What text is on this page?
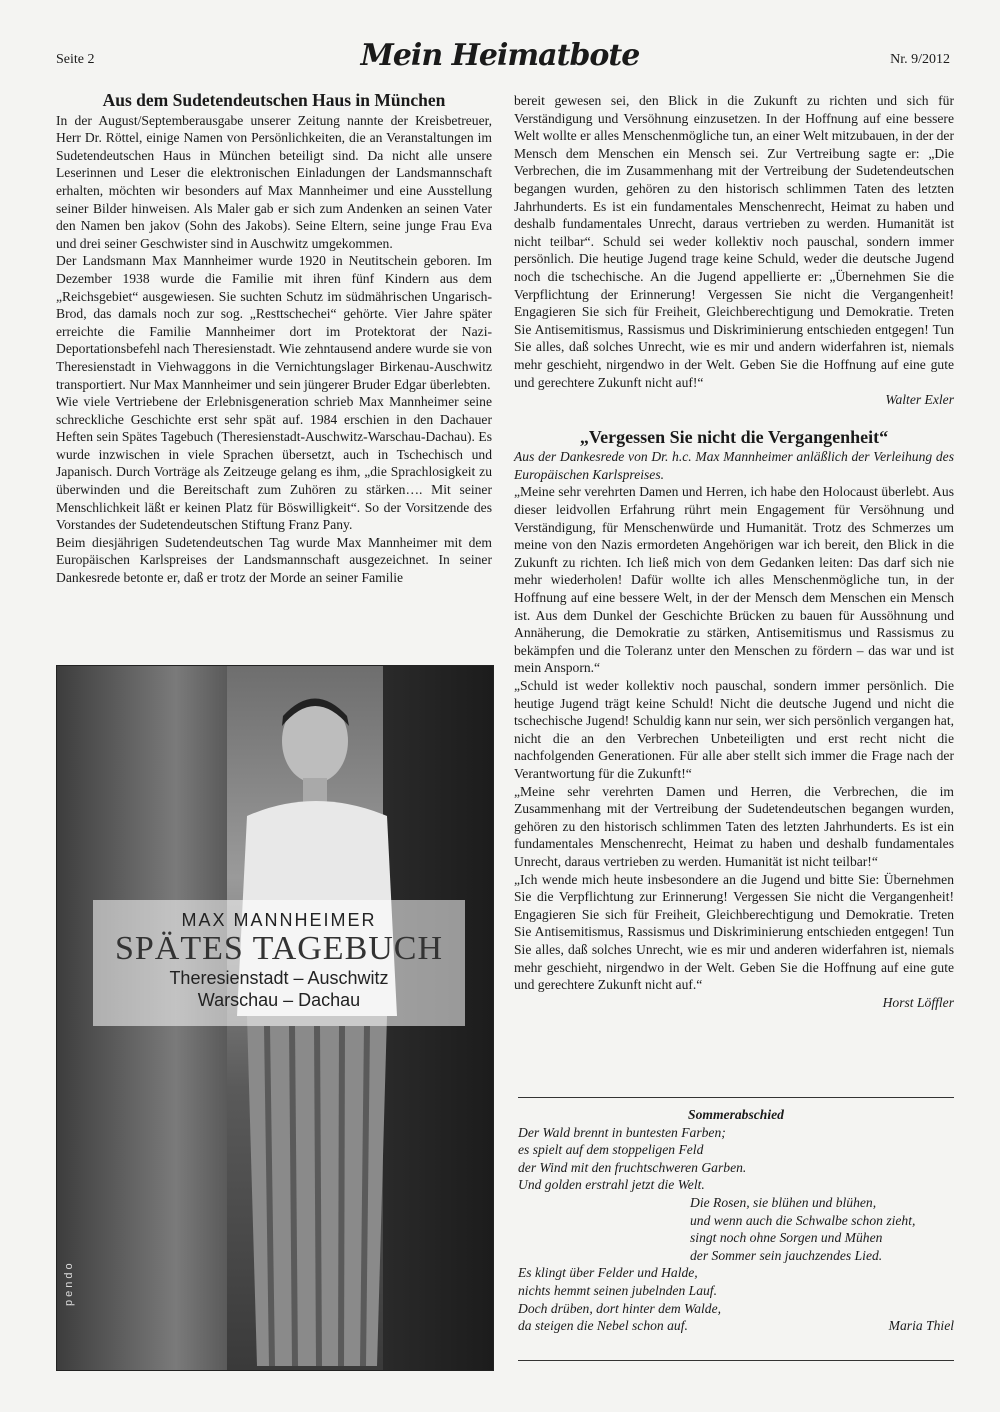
Seite 2	Mein Heimatbote	Nr. 9/2012
Aus dem Sudetendeutschen Haus in München

In der August/Septemberausgabe unserer Zeitung nannte der Kreisbetreuer, Herr Dr. Röttel, einige Namen von Persönlichkeiten, die an Veranstaltungen im Sudetendeutschen Haus in München beteiligt sind. Da nicht alle unsere Leserinnen und Leser die elektronischen Einladungen der Landsmannschaft erhalten, möchten wir besonders auf Max Mannheimer und eine Ausstellung seiner Bilder hinweisen. Als Maler gab er sich zum Andenken an seinen Vater den Namen ben jakov (Sohn des Jakobs). Seine Eltern, seine junge Frau Eva und drei seiner Geschwister sind in Auschwitz umgekommen.

Der Landsmann Max Mannheimer wurde 1920 in Neutitschein geboren. Im Dezember 1938 wurde die Familie mit ihren fünf Kindern aus dem „Reichsgebiet“ ausgewiesen. Sie suchten Schutz im südmährischen Ungarisch-Brod, das damals noch zur sog. „Resttschechei“ gehörte. Vier Jahre später erreichte die Familie Mannheimer dort im Protektorat der Nazi- Deportationsbefehl nach Theresienstadt. Wie zehntausend andere wurde sie von Theresienstadt in Viehwaggons in die Vernichtungslager Birkenau-Auschwitz transportiert. Nur Max Mannheimer und sein jüngerer Bruder Edgar überlebten.

Wie viele Vertriebene der Erlebnisgeneration schrieb Max Mannheimer seine schreckliche Geschichte erst sehr spät auf. 1984 erschien in den Dachauer Heften sein Spätes Tagebuch (Theresienstadt-Auschwitz-Warschau-Dachau). Es wurde inzwischen in viele Sprachen übersetzt, auch in Tschechisch und Japanisch. Durch Vorträge als Zeitzeuge gelang es ihm, „die Sprachlosigkeit zu überwinden und die Bereitschaft zum Zuhören zu stärken…. Mit seiner Menschlichkeit läßt er keinen Platz für Böswilligkeit“. So der Vorsitzende des Vorstandes der Sudetendeutschen Stiftung Franz Pany.

Beim diesjährigen Sudetendeutschen Tag wurde Max Mannheimer mit dem Europäischen Karlspreises der Landsmannschaft ausgezeichnet. In seiner Dankesrede betonte er, daß er trotz der Morde an seiner Familie

MAX MANNHEIMER
SPÄTES TAGEBUCH
Theresienstadt – Auschwitz
Warschau – Dachau
pendo

bereit gewesen sei, den Blick in die Zukunft zu richten und sich für Verständigung und Versöhnung einzusetzen. In der Hoffnung auf eine bessere Welt wollte er alles Menschenmögliche tun, an einer Welt mitzubauen, in der der Mensch dem Menschen ein Mensch sei. Zur Vertreibung sagte er: „Die Verbrechen, die im Zusammenhang mit der Vertreibung der Sudetendeutschen begangen wurden, gehören zu den historisch schlimmen Taten des letzten Jahrhunderts. Es ist ein fundamentales Menschenrecht, Heimat zu haben und deshalb fundamentales Unrecht, daraus vertrieben zu werden. Humanität ist nicht teilbar“. Schuld sei weder kollektiv noch pauschal, sondern immer persönlich. Die heutige Jugend trage keine Schuld, weder die deutsche Jugend noch die tschechische. An die Jugend appellierte er: „Übernehmen Sie die Verpflichtung der Erinnerung! Vergessen Sie nicht die Vergangenheit! Engagieren Sie sich für Freiheit, Gleichberechtigung und Demokratie. Treten Sie Antisemitismus, Rassismus und Diskriminierung entschieden entgegen! Tun Sie alles, daß solches Unrecht, wie es mir und andern widerfahren ist, niemals mehr geschieht, nirgendwo in der Welt. Geben Sie die Hoffnung auf eine gute und gerechtere Zukunft nicht auf!“

Walter Exler
„Vergessen Sie nicht die Vergangenheit“

Aus der Dankesrede von Dr. h.c. Max Mannheimer anläßlich der Verleihung des Europäischen Karlspreises.

„Meine sehr verehrten Damen und Herren, ich habe den Holocaust überlebt. Aus dieser leidvollen Erfahrung rührt mein Engagement für Versöhnung und Verständigung, für Menschenwürde und Humanität. Trotz des Schmerzes um meine von den Nazis ermordeten Angehörigen war ich bereit, den Blick in die Zukunft zu richten. Ich ließ mich von dem Gedanken leiten: Das darf sich nie mehr wiederholen! Dafür wollte ich alles Menschenmögliche tun, in der Hoffnung auf eine bessere Welt, in der der Mensch dem Menschen ein Mensch ist. Aus dem Dunkel der Geschichte Brücken zu bauen für Aussöhnung und Annäherung, die Demokratie zu stärken, Antisemitismus und Rassismus zu bekämpfen und die Toleranz unter den Menschen zu fördern – das war und ist mein Ansporn.“

„Schuld ist weder kollektiv noch pauschal, sondern immer persönlich. Die heutige Jugend trägt keine Schuld! Nicht die deutsche Jugend und nicht die tschechische Jugend! Schuldig kann nur sein, wer sich persönlich vergangen hat, nicht die an den Verbrechen Unbeteiligten und erst recht nicht die nachfolgenden Generationen. Für alle aber stellt sich immer die Frage nach der Verantwortung für die Zukunft!“

„Meine sehr verehrten Damen und Herren, die Verbrechen, die im Zusammenhang mit der Vertreibung der Sudetendeutschen begangen wurden, gehören zu den historisch schlimmen Taten des letzten Jahrhunderts. Es ist ein fundamentales Menschenrecht, Heimat zu haben und deshalb fundamentales Unrecht, daraus vertrieben zu werden. Humanität ist nicht teilbar!“

„Ich wende mich heute insbesondere an die Jugend und bitte Sie: Übernehmen Sie die Verpflichtung zur Erinnerung! Vergessen Sie nicht die Vergangenheit! Engagieren Sie sich für Freiheit, Gleichberechtigung und Demokratie. Treten Sie Antisemitismus, Rassismus und Diskriminierung entschieden entgegen! Tun Sie alles, daß solches Unrecht, wie es mir und anderen widerfahren ist, niemals mehr geschieht, nirgendwo in der Welt. Geben Sie die Hoffnung auf eine gute und gerechtere Zukunft nicht auf.“

Horst Löffler
Sommerabschied
Der Wald brennt in buntesten Farben;
es spielt auf dem stoppeligen Feld
der Wind mit den fruchtschweren Garben.
Und golden erstrahl jetzt die Welt.
Die Rosen, sie blühen und blühen,
und wenn auch die Schwalbe schon zieht,
singt noch ohne Sorgen und Mühen
der Sommer sein jauchzendes Lied.
Es klingt über Felder und Halde,
nichts hemmt seinen jubelnden Lauf.
Doch drüben, dort hinter dem Walde,
da steigen die Nebel schon auf.	Maria Thiel
